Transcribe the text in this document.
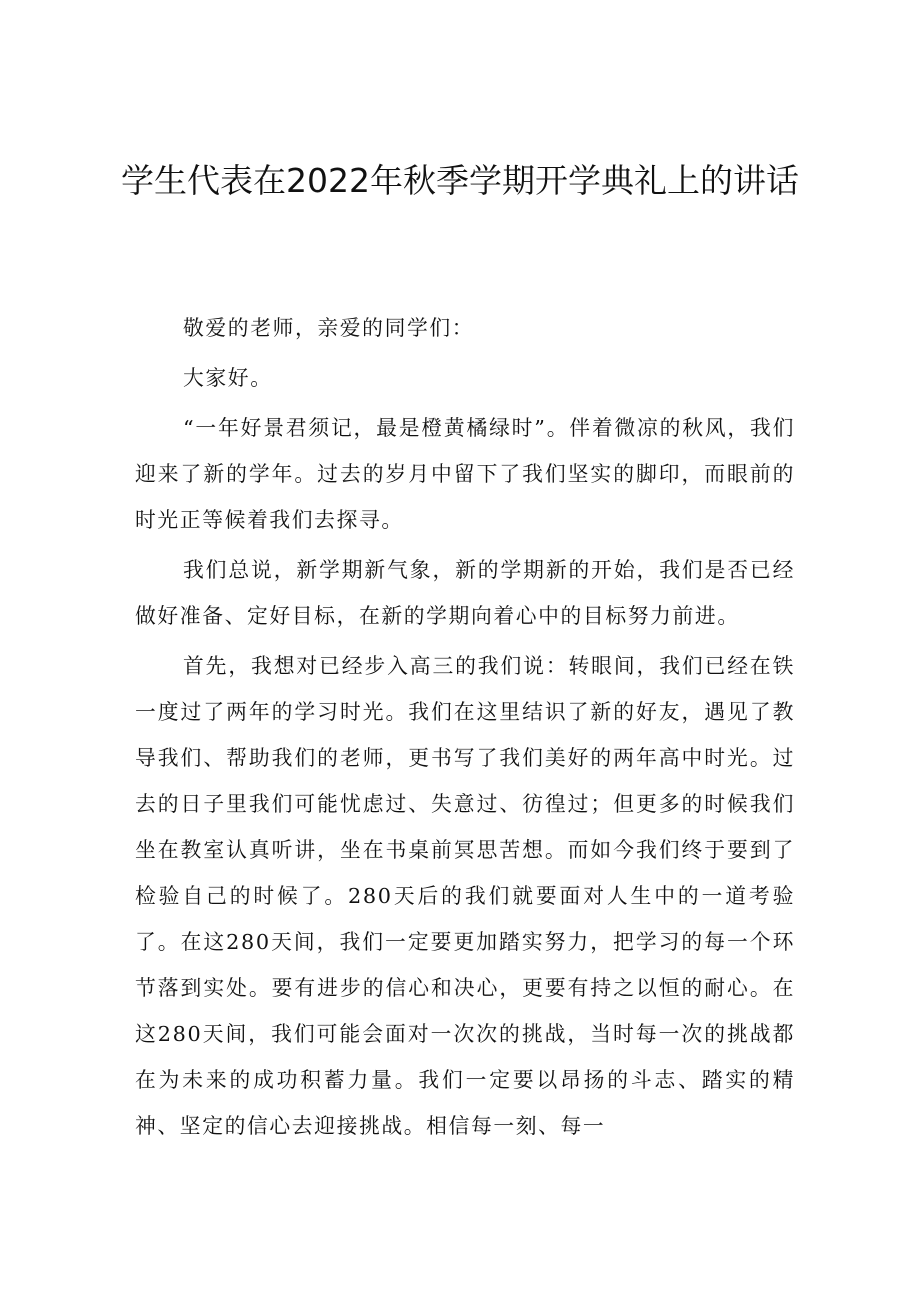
学生代表在2022年秋季学期开学典礼上的讲话

敬爱的老师，亲爱的同学们：

大家好。

“一年好景君须记，最是橙黄橘绿时”。伴着微凉的秋风，我们迎来了新的学年。过去的岁月中留下了我们坚实的脚印，而眼前的时光正等候着我们去探寻。

我们总说，新学期新气象，新的学期新的开始，我们是否已经做好准备、定好目标，在新的学期向着心中的目标努力前进。

首先，我想对已经步入高三的我们说：转眼间，我们已经在铁一度过了两年的学习时光。我们在这里结识了新的好友，遇见了教导我们、帮助我们的老师，更书写了我们美好的两年高中时光。过去的日子里我们可能忧虑过、失意过、彷徨过；但更多的时候我们坐在教室认真听讲，坐在书桌前冥思苦想。而如今我们终于要到了检验自己的时候了。280天后的我们就要面对人生中的一道考验了。在这280天间，我们一定要更加踏实努力，把学习的每一个环节落到实处。要有进步的信心和决心，更要有持之以恒的耐心。在这280天间，我们可能会面对一次次的挑战，当时每一次的挑战都在为未来的成功积蓄力量。我们一定要以昂扬的斗志、踏实的精神、坚定的信心去迎接挑战。相信每一刻、每一
